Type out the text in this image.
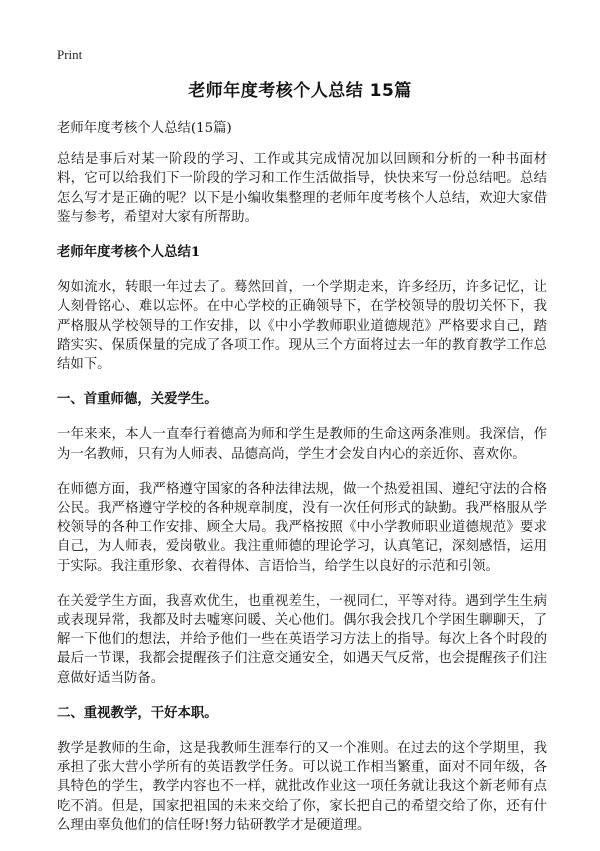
Print
老师年度考核个人总结 15篇

老师年度考核个人总结(15篇)

总结是事后对某一阶段的学习、工作或其完成情况加以回顾和分析的一种书面材料，它可以给我们下一阶段的学习和工作生活做指导，快快来写一份总结吧。总结怎么写才是正确的呢？以下是小编收集整理的老师年度考核个人总结，欢迎大家借鉴与参考，希望对大家有所帮助。

老师年度考核个人总结1

匆如流水，转眼一年过去了。蓦然回首，一个学期走来，许多经历，许多记忆，让人刻骨铭心、难以忘怀。在中心学校的正确领导下，在学校领导的殷切关怀下，我严格服从学校领导的工作安排，以《中小学教师职业道德规范》严格要求自己，踏踏实实、保质保量的完成了各项工作。现从三个方面将过去一年的教育教学工作总结如下。

一、首重师德，关爱学生。

一年来来，本人一直奉行着德高为师和学生是教师的生命这两条准则。我深信，作为一名教师，只有为人师表、品德高尚，学生才会发自内心的亲近你、喜欢你。

在师德方面，我严格遵守国家的各种法律法规，做一个热爱祖国、遵纪守法的合格公民。我严格遵守学校的各种规章制度，没有一次任何形式的缺勤。我严格服从学校领导的各种工作安排、顾全大局。我严格按照《中小学教师职业道德规范》要求自己，为人师表，爱岗敬业。我注重师德的理论学习，认真笔记，深刻感悟，运用于实际。我注重形象、衣着得体、言语恰当，给学生以良好的示范和引领。

在关爱学生方面，我喜欢优生，也重视差生，一视同仁，平等对待。遇到学生生病或表现异常，我都及时去嘘寒问暖、关心他们。偶尔我会找几个学困生聊聊天，了解一下他们的想法，并给予他们一些在英语学习方法上的指导。每次上各个时段的最后一节课，我都会提醒孩子们注意交通安全，如遇天气反常，也会提醒孩子们注意做好适当防备。

二、重视教学，干好本职。

教学是教师的生命，这是我教师生涯奉行的又一个准则。在过去的这个学期里，我承担了张大营小学所有的英语教学任务。可以说工作相当繁重，面对不同年级，各具特色的学生，教学内容也不一样，就批改作业这一项任务就让我这个新老师有点吃不消。但是，国家把祖国的未来交给了你，家长把自己的希望交给了你，还有什么理由辜负他们的信任呀!努力钻研教学才是硬道理。
